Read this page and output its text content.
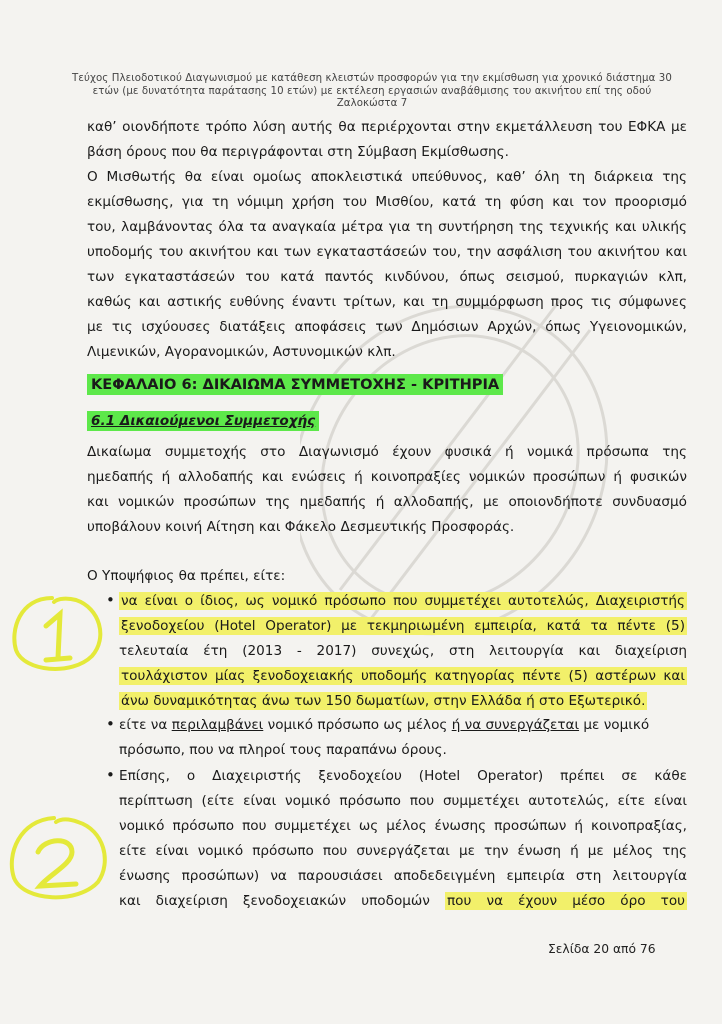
Τεύχος Πλειοδοτικού Διαγωνισμού με κατάθεση κλειστών προσφορών για την εκμίσθωση για χρονικό διάστημα 30
ετών (με δυνατότητα παράτασης 10 ετών) με εκτέλεση εργασιών αναβάθμισης του ακινήτου επί της οδού
Ζαλοκώστα 7
καθ’ οιονδήποτε τρόπο λύση αυτής θα περιέρχονται στην εκμετάλλευση του ΕΦΚΑ με
βάση όρους που θα περιγράφονται στη Σύμβαση Εκμίσθωσης.
Ο Μισθωτής θα είναι ομοίως αποκλειστικά υπεύθυνος, καθ’ όλη τη διάρκεια της
εκμίσθωσης, για τη νόμιμη χρήση του Μισθίου, κατά τη φύση και τον προορισμό
του, λαμβάνοντας όλα τα αναγκαία μέτρα για τη συντήρηση της τεχνικής και υλικής
υποδομής του ακινήτου και των εγκαταστάσεών του, την ασφάλιση του ακινήτου και
των εγκαταστάσεών του κατά παντός κινδύνου, όπως σεισμού, πυρκαγιών κλπ,
καθώς και αστικής ευθύνης έναντι τρίτων, και τη συμμόρφωση προς τις σύμφωνες
με τις ισχύουσες διατάξεις αποφάσεις των Δημόσιων Αρχών, όπως Υγειονομικών,
Λιμενικών, Αγορανομικών, Αστυνομικών κλπ.
ΚΕΦΑΛΑΙΟ 6: ΔΙΚΑΙΩΜΑ ΣΥΜΜΕΤΟΧΗΣ - ΚΡΙΤΗΡΙΑ
6.1 Δικαιούμενοι Συμμετοχής
Δικαίωμα συμμετοχής στο Διαγωνισμό έχουν φυσικά ή νομικά πρόσωπα της
ημεδαπής ή αλλοδαπής και ενώσεις ή κοινοπραξίες νομικών προσώπων ή φυσικών
και νομικών προσώπων της ημεδαπής ή αλλοδαπής, με οποιονδήποτε συνδυασμό
υποβάλουν κοινή Αίτηση και Φάκελο Δεσμευτικής Προσφοράς.
Ο Υποψήφιος θα πρέπει, είτε:
• να είναι ο ίδιος, ως νομικό πρόσωπο που συμμετέχει αυτοτελώς, Διαχειριστής
ξενοδοχείου (Hotel Operator) με τεκμηριωμένη εμπειρία, κατά τα πέντε (5)
τελευταία έτη (2013 - 2017) συνεχώς, στη λειτουργία και διαχείριση
τουλάχιστον μίας ξενοδοχειακής υποδομής κατηγορίας πέντε (5) αστέρων και
άνω δυναμικότητας άνω των 150 δωματίων, στην Ελλάδα ή στο Εξωτερικό.
• είτε να περιλαμβάνει νομικό πρόσωπο ως μέλος ή να συνεργάζεται με νομικό
πρόσωπο, που να πληροί τους παραπάνω όρους.
• Επίσης, ο Διαχειριστής ξενοδοχείου (Hotel Operator) πρέπει σε κάθε
περίπτωση (είτε είναι νομικό πρόσωπο που συμμετέχει αυτοτελώς, είτε είναι
νομικό πρόσωπο που συμμετέχει ως μέλος ένωσης προσώπων ή κοινοπραξίας,
είτε είναι νομικό πρόσωπο που συνεργάζεται με την ένωση ή με μέλος της
ένωσης προσώπων) να παρουσιάσει αποδεδειγμένη εμπειρία στη λειτουργία
και διαχείριση ξενοδοχειακών υποδομών που να έχουν μέσο όρο του
Σελίδα 20 από 76
